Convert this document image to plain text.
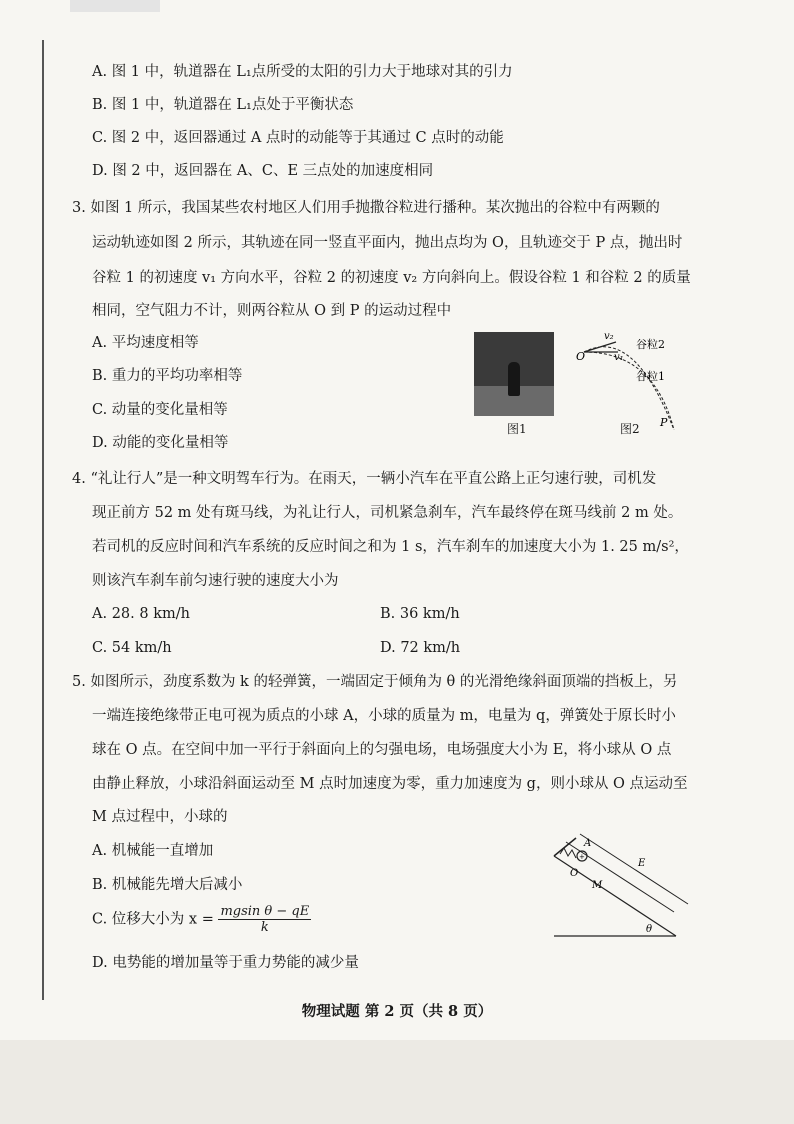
A. 图 1 中，轨道器在 L₁点所受的太阳的引力大于地球对其的引力
B. 图 1 中，轨道器在 L₁点处于平衡状态
C. 图 2 中，返回器通过 A 点时的动能等于其通过 C 点时的动能
D. 图 2 中，返回器在 A、C、E 三点处的加速度相同
3. 如图 1 所示，我国某些农村地区人们用手抛撒谷粒进行播种。某次抛出的谷粒中有两颗的
运动轨迹如图 2 所示，其轨迹在同一竖直平面内，抛出点均为 O，且轨迹交于 P 点，抛出时
谷粒 1 的初速度 v₁ 方向水平，谷粒 2 的初速度 v₂ 方向斜向上。假设谷粒 1 和谷粒 2 的质量
相同，空气阻力不计，则两谷粒从 O 到 P 的运动过程中
A. 平均速度相等
B. 重力的平均功率相等
C. 动量的变化量相等
D. 动能的变化量相等
图1
v₂
v₁
O
谷粒2
谷粒1
P
图2
4. “礼让行人”是一种文明驾车行为。在雨天，一辆小汽车在平直公路上正匀速行驶，司机发
现正前方 52 m 处有斑马线，为礼让行人，司机紧急刹车，汽车最终停在斑马线前 2 m 处。
若司机的反应时间和汽车系统的反应时间之和为 1 s，汽车刹车的加速度大小为 1. 25 m/s²，
则该汽车刹车前匀速行驶的速度大小为
A. 28. 8 km/h	B. 36 km/h
C. 54 km/h	D. 72 km/h
5. 如图所示，劲度系数为 k 的轻弹簧，一端固定于倾角为 θ 的光滑绝缘斜面顶端的挡板上，另
一端连接绝缘带正电可视为质点的小球 A，小球的质量为 m，电量为 q，弹簧处于原长时小
球在 O 点。在空间中加一平行于斜面向上的匀强电场，电场强度大小为 E，将小球从 O 点
由静止释放，小球沿斜面运动至 M 点时加速度为零，重力加速度为 g，则小球从 O 点运动至
M 点过程中，小球的
A. 机械能一直增加
B. 机械能先增大后减小
C. 位移大小为 $x = \frac{\text{mgsin θ − qE}}{k}$
D. 电势能的增加量等于重力势能的减少量
+
A
O
M
E
θ
物理试题 第 2 页（共 8 页）
